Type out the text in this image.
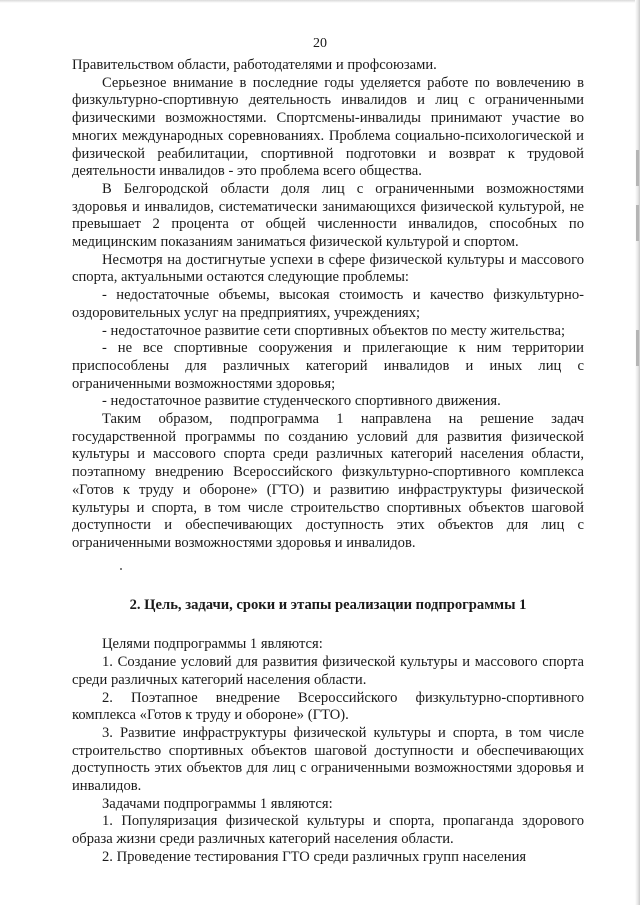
20

Правительством области, работодателями и профсоюзами.

Серьезное внимание в последние годы уделяется работе по вовлечению в физкультурно-спортивную деятельность инвалидов и лиц с ограниченными физическими возможностями. Спортсмены-инвалиды принимают участие во многих международных соревнованиях. Проблема социально-психологической и физической реабилитации, спортивной подготовки и возврат к трудовой деятельности инвалидов - это проблема всего общества.

В Белгородской области доля лиц с ограниченными возможностями здоровья и инвалидов, систематически занимающихся физической культурой, не превышает 2 процента от общей численности инвалидов, способных по медицинским показаниям заниматься физической культурой и спортом.

Несмотря на достигнутые успехи в сфере физической культуры и массового спорта, актуальными остаются следующие проблемы:

- недостаточные объемы, высокая стоимость и качество физкультурно-оздоровительных услуг на предприятиях, учреждениях;

- недостаточное развитие сети спортивных объектов по месту жительства;

- не все спортивные сооружения и прилегающие к ним территории приспособлены для различных категорий инвалидов и иных лиц с ограниченными возможностями здоровья;

- недостаточное развитие студенческого спортивного движения.

Таким образом, подпрограмма 1 направлена на решение задач государственной программы по созданию условий для развития физической культуры и массового спорта среди различных категорий населения области, поэтапному внедрению Всероссийского физкультурно-спортивного комплекса «Готов к труду и обороне» (ГТО) и развитию инфраструктуры физической культуры и спорта, в том числе строительство спортивных объектов шаговой доступности и обеспечивающих доступность этих объектов для лиц с ограниченными возможностями здоровья и инвалидов.

2. Цель, задачи, сроки и этапы реализации подпрограммы 1

Целями подпрограммы 1 являются:

1. Создание условий для развития физической культуры и массового спорта среди различных категорий населения области.

2. Поэтапное внедрение Всероссийского физкультурно-спортивного комплекса «Готов к труду и обороне» (ГТО).

3. Развитие инфраструктуры физической культуры и спорта, в том числе строительство спортивных объектов шаговой доступности и обеспечивающих доступность этих объектов для лиц с ограниченными возможностями здоровья и инвалидов.

Задачами подпрограммы 1 являются:

1. Популяризация физической культуры и спорта, пропаганда здорового образа жизни среди различных категорий населения области.

2. Проведение тестирования ГТО среди различных групп населения
